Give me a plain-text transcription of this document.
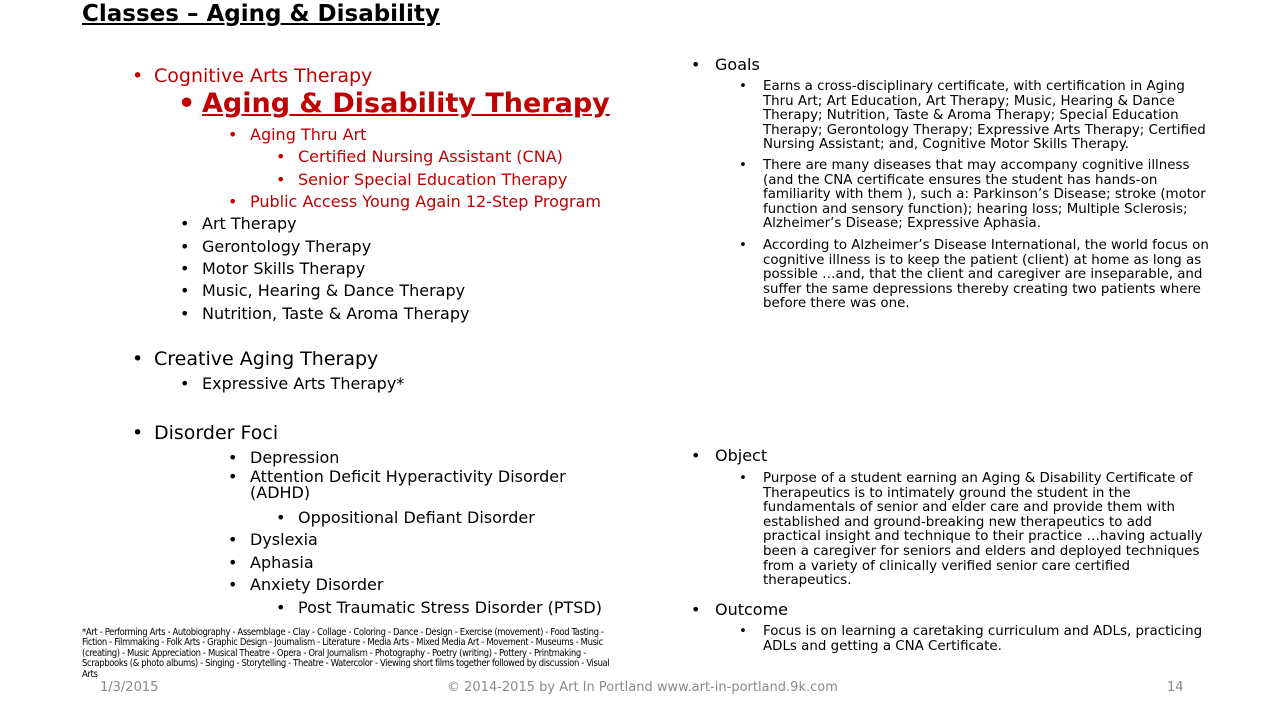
Classes – Aging & Disability
• Cognitive Arts Therapy
• Aging & Disability Therapy
• Aging Thru Art
• Certified Nursing Assistant (CNA)
• Senior Special Education Therapy
• Public Access Young Again 12-Step Program
• Art Therapy
• Gerontology Therapy
• Motor Skills Therapy
• Music, Hearing & Dance Therapy
• Nutrition, Taste & Aroma Therapy
• Creative Aging Therapy
• Expressive Arts Therapy*
• Disorder Foci
• Depression
• Attention Deficit Hyperactivity Disorder
(ADHD)
• Oppositional Defiant Disorder
• Dyslexia
• Aphasia
• Anxiety Disorder
• Post Traumatic Stress Disorder (PTSD)
*Art - Performing Arts - Autobiography - Assemblage - Clay - Collage - Coloring - Dance - Design - Exercise (movement) - Food Tasting - Fiction - Filmmaking - Folk Arts - Graphic Design - Journalism - Literature - Media Arts - Mixed Media Art - Movement - Museums - Music (creating) - Music Appreciation - Musical Theatre - Opera - Oral Journalism - Photography - Poetry (writing) - Pottery - Printmaking - Scrapbooks (& photo albums) - Singing - Storytelling - Theatre - Watercolor - Viewing short films together followed by discussion - Visual Arts
• Goals
• Earns a cross-disciplinary certificate, with certification in Aging Thru Art; Art Education, Art Therapy; Music, Hearing & Dance Therapy; Nutrition, Taste & Aroma Therapy; Special Education Therapy; Gerontology Therapy; Expressive Arts Therapy; Certified Nursing Assistant; and, Cognitive Motor Skills Therapy.
• There are many diseases that may accompany cognitive illness (and the CNA certificate ensures the student has hands-on familiarity with them ), such a: Parkinson’s Disease; stroke (motor function and sensory function); hearing loss; Multiple Sclerosis; Alzheimer’s Disease; Expressive Aphasia.
• According to Alzheimer’s Disease International, the world focus on cognitive illness is to keep the patient (client) at home as long as possible …and, that the client and caregiver are inseparable, and suffer the same depressions thereby creating two patients where before there was one.
• Object
• Purpose of a student earning an Aging & Disability Certificate of Therapeutics is to intimately ground the student in the fundamentals of senior and elder care and provide them with established and ground-breaking new therapeutics to add practical insight and technique to their practice …having actually been a caregiver for seniors and elders and deployed techniques from a variety of clinically verified senior care certified therapeutics.
• Outcome
• Focus is on learning a caretaking curriculum and ADLs, practicing ADLs and getting a CNA Certificate.
1/3/2015	© 2014-2015 by Art In Portland www.art-in-portland.9k.com	14
